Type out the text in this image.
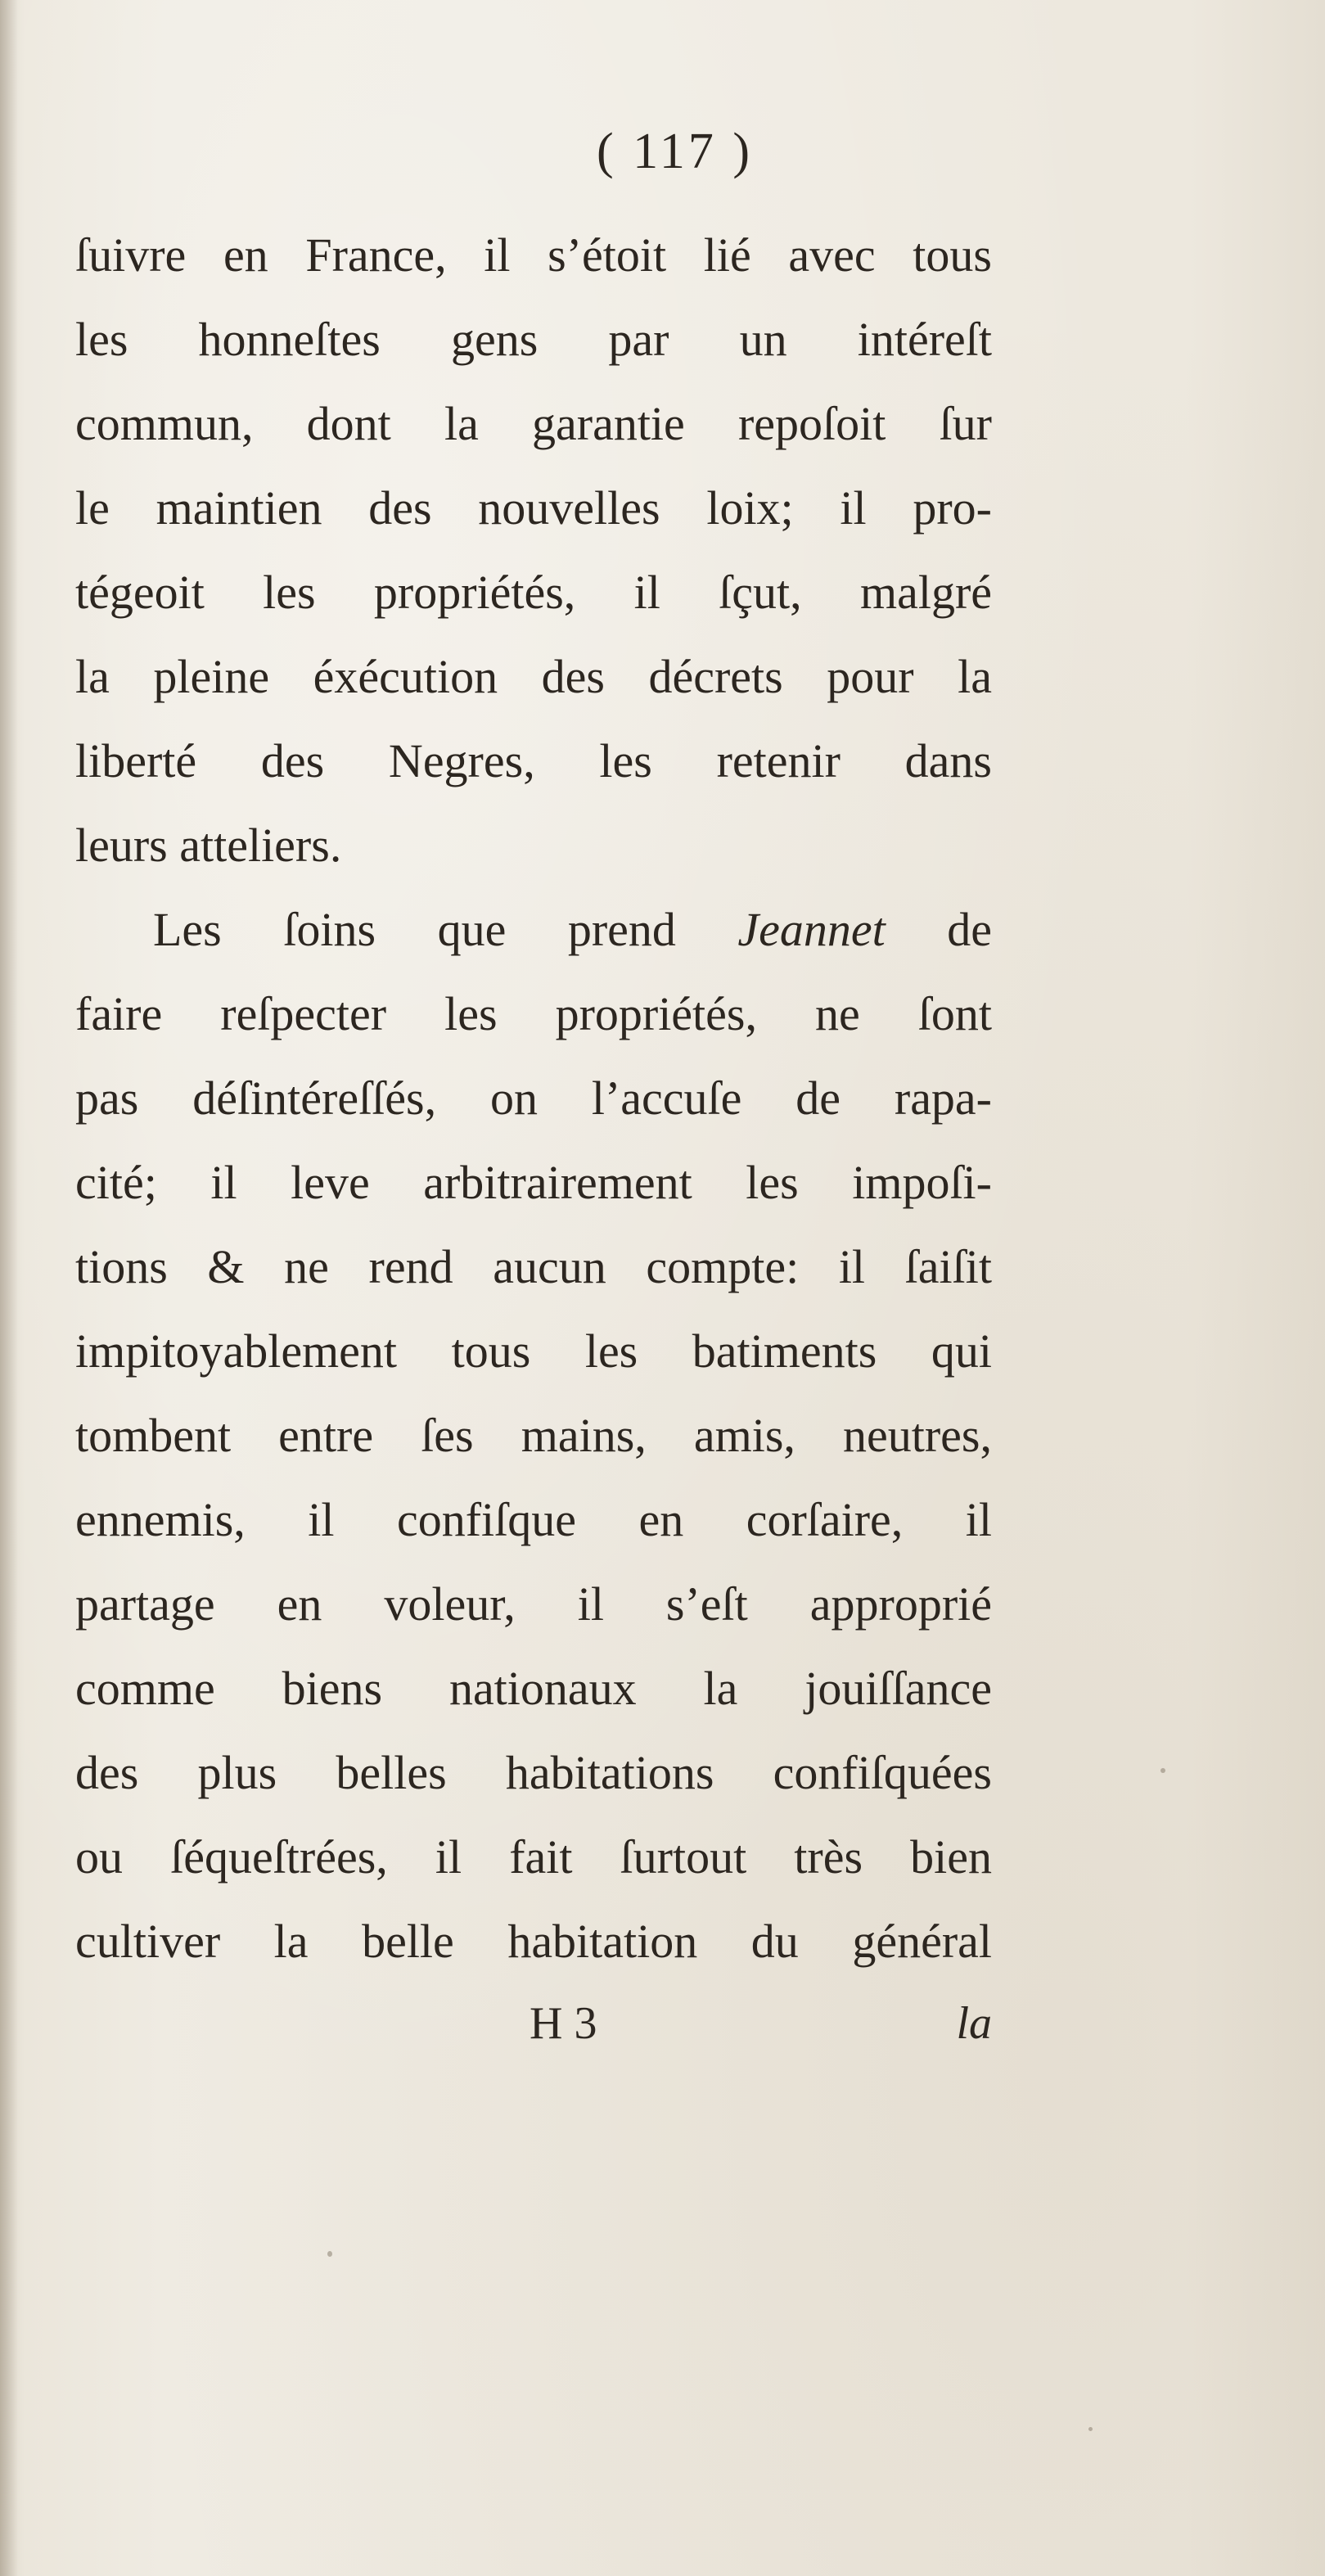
( 117 )
ſuivre en France, il s’étoit lié avec tous
les honneſtes gens par un intéreſt
commun, dont la garantie repoſoit ſur
le maintien des nouvelles loix; il pro-
tégeoit les propriétés, il ſçut, malgré
la pleine éxécution des décrets pour la
liberté des Negres, les retenir dans
leurs atteliers.
Les ſoins que prend Jeannet de
faire reſpecter les propriétés, ne ſont
pas déſintéreſſés, on l’accuſe de rapa-
cité; il leve arbitrairement les impoſi-
tions & ne rend aucun compte: il ſaiſit
impitoyablement tous les batiments qui
tombent entre ſes mains, amis, neutres,
ennemis, il confiſque en corſaire, il
partage en voleur, il s’eſt approprié
comme biens nationaux la jouiſſance
des plus belles habitations confiſquées
ou ſéqueſtrées, il fait ſurtout très bien
cultiver la belle habitation du général
H 3	la
